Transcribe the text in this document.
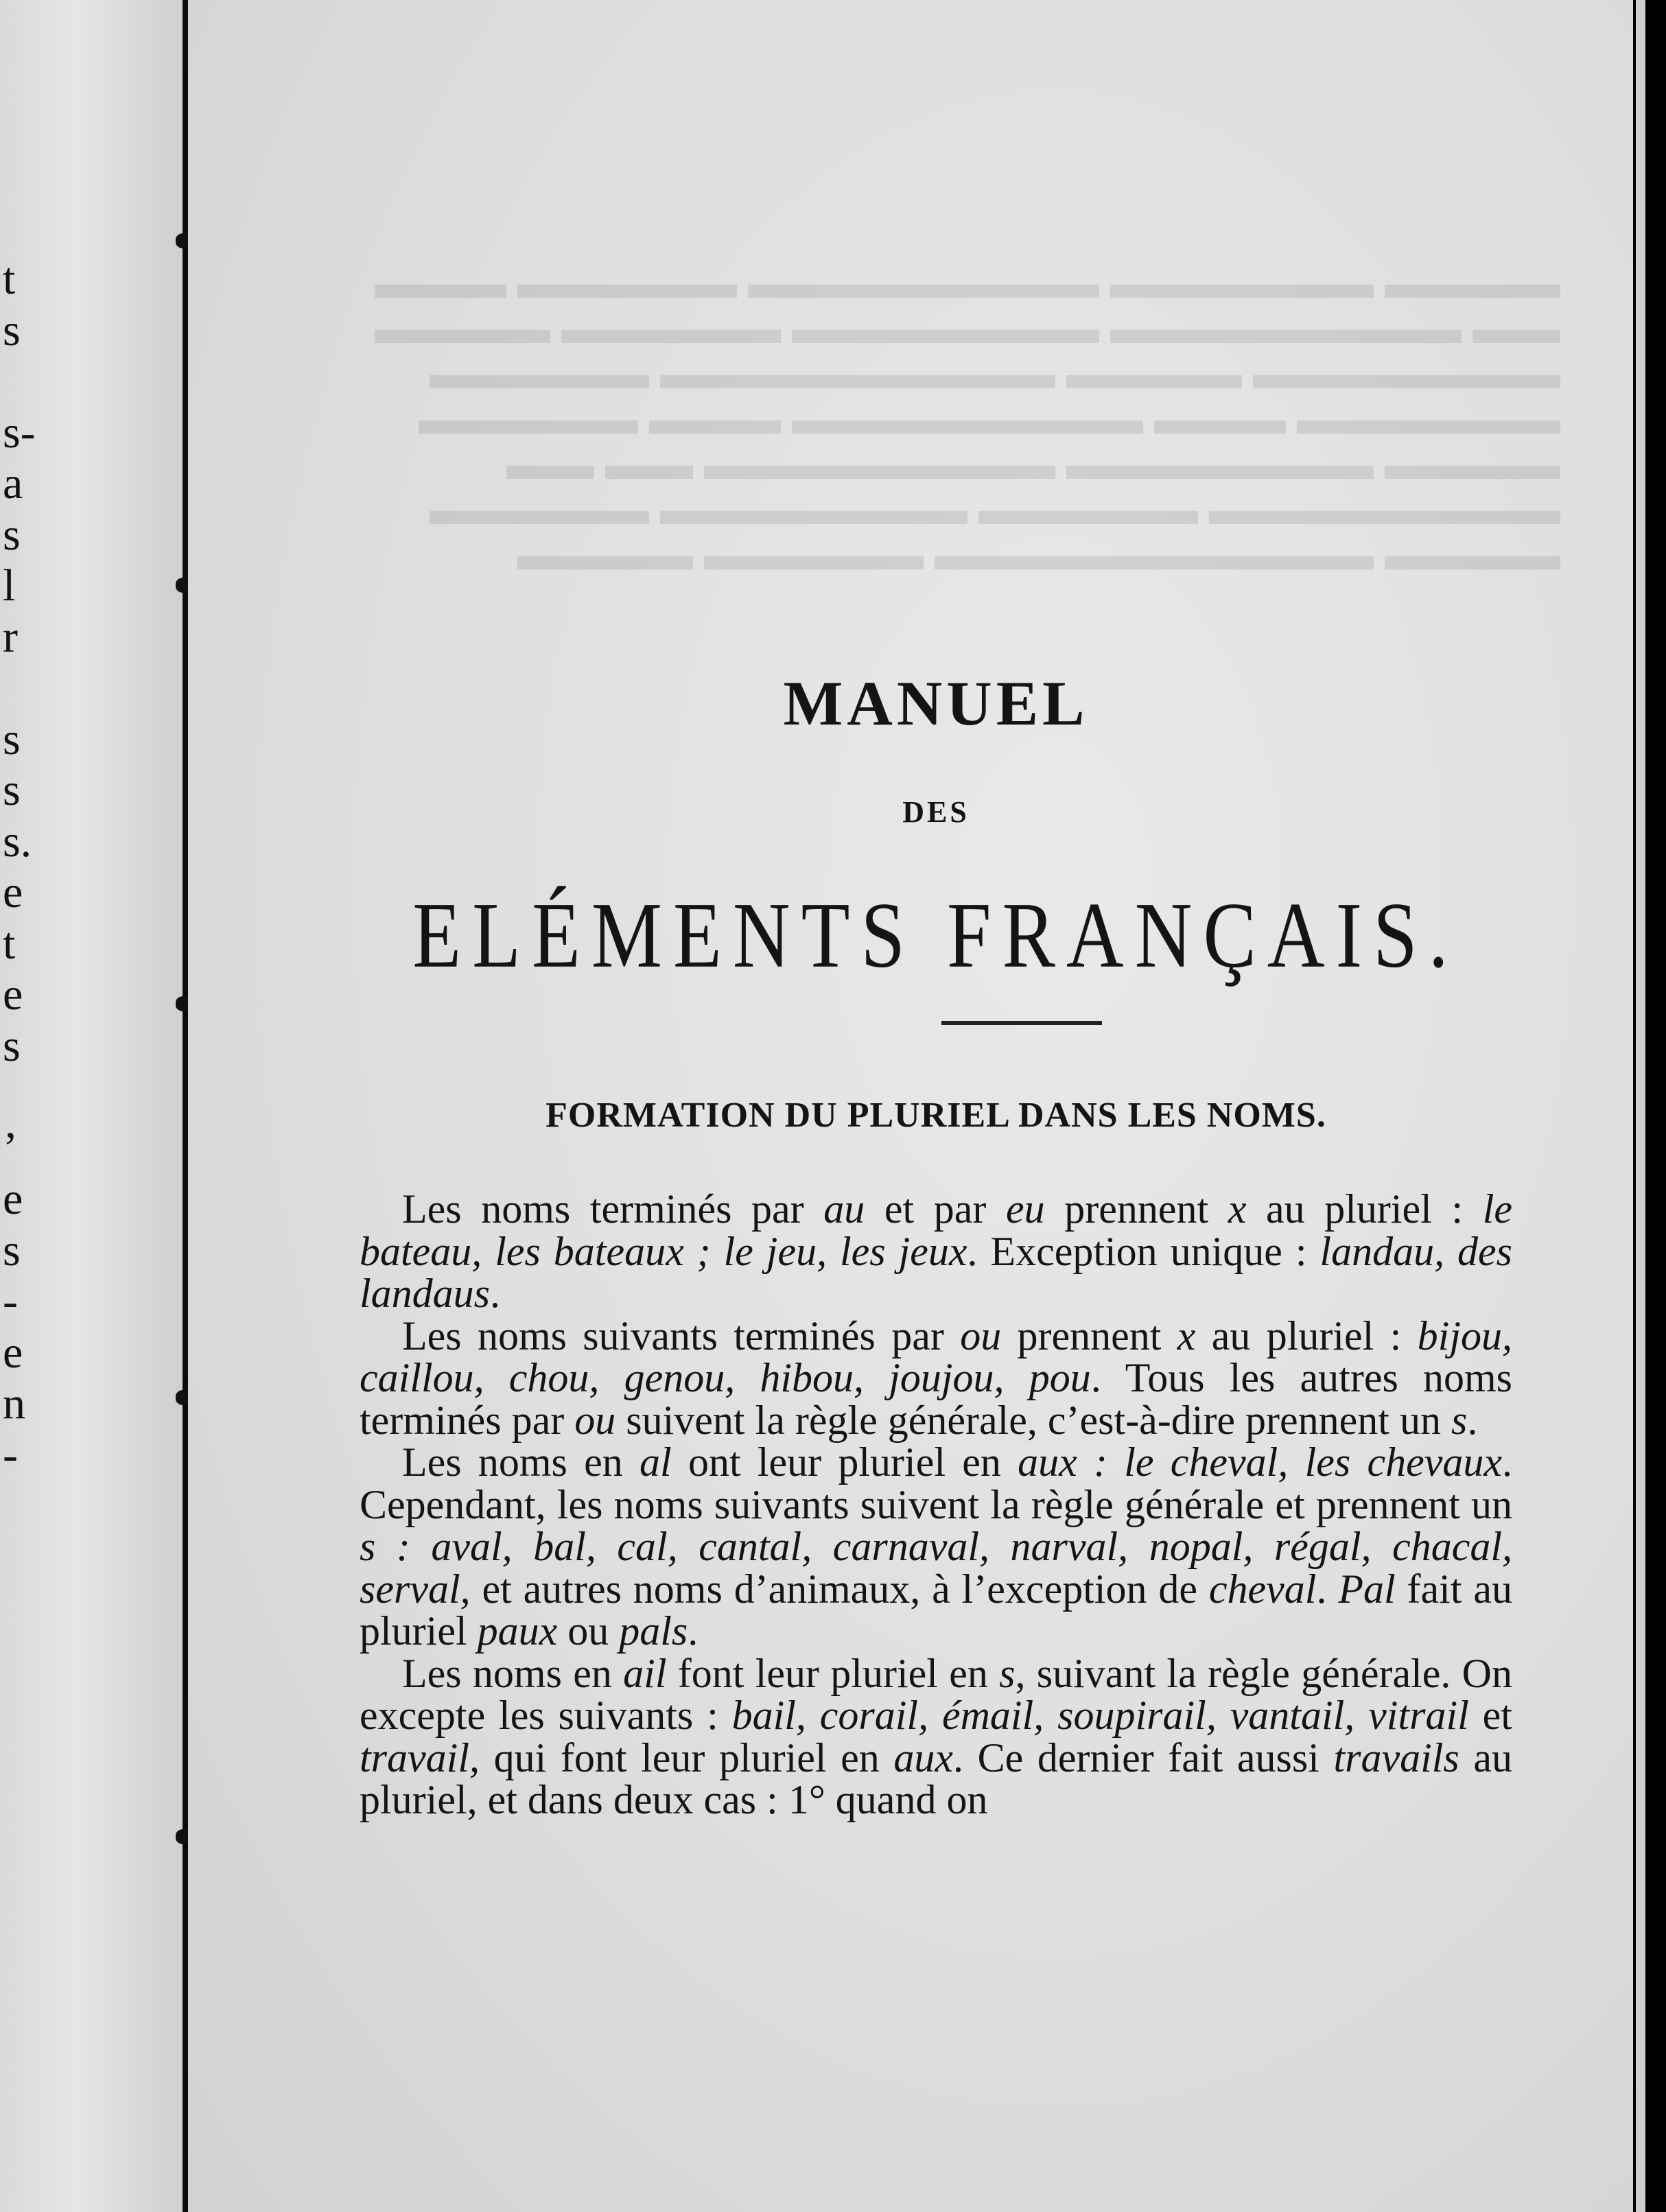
t
s
s-
a
s
l
r
s
s
s.
e
t
e
s
’
e
s
-
e
n
-
▬▬▬▬ ▬▬▬▬▬▬ ▬▬▬▬▬▬▬▬ ▬▬▬▬▬ ▬▬▬
▬▬ ▬▬▬▬▬▬▬▬ ▬▬▬▬▬▬▬ ▬▬▬▬▬ ▬▬▬▬
▬▬▬▬▬▬▬ ▬▬▬▬ ▬▬▬▬▬▬▬▬▬ ▬▬▬▬▬
▬▬▬▬▬▬ ▬▬▬ ▬▬▬▬▬▬▬▬ ▬▬▬ ▬▬▬▬▬
▬▬▬▬ ▬▬▬▬▬▬▬ ▬▬▬▬▬▬▬▬ ▬▬ ▬▬
▬▬▬▬▬▬▬▬ ▬▬▬▬▬ ▬▬▬▬▬▬▬ ▬▬▬▬▬
▬▬▬▬ ▬▬▬▬▬▬▬▬▬▬ ▬▬▬▬▬ ▬▬▬▬

MANUEL
DES
ELÉMENTS FRANÇAIS.
FORMATION DU PLURIEL DANS LES NOMS.

Les noms terminés par au et par eu prennent x au pluriel : le bateau, les bateaux ; le jeu, les jeux. Exception unique : landau, des landaus.

Les noms suivants terminés par ou prennent x au pluriel : bijou, caillou, chou, genou, hibou, joujou, pou. Tous les autres noms terminés par ou suivent la règle générale, c’est-à-dire prennent un s.

Les noms en al ont leur pluriel en aux : le cheval, les chevaux. Cependant, les noms suivants suivent la règle générale et prennent un s : aval, bal, cal, cantal, carnaval, narval, nopal, régal, chacal, serval, et autres noms d’animaux, à l’exception de cheval. Pal fait au pluriel paux ou pals.

Les noms en ail font leur pluriel en s, suivant la règle générale. On excepte les suivants : bail, corail, émail, soupirail, vantail, vitrail et travail, qui font leur pluriel en aux. Ce dernier fait aussi travails au pluriel, et dans deux cas : 1° quand on
